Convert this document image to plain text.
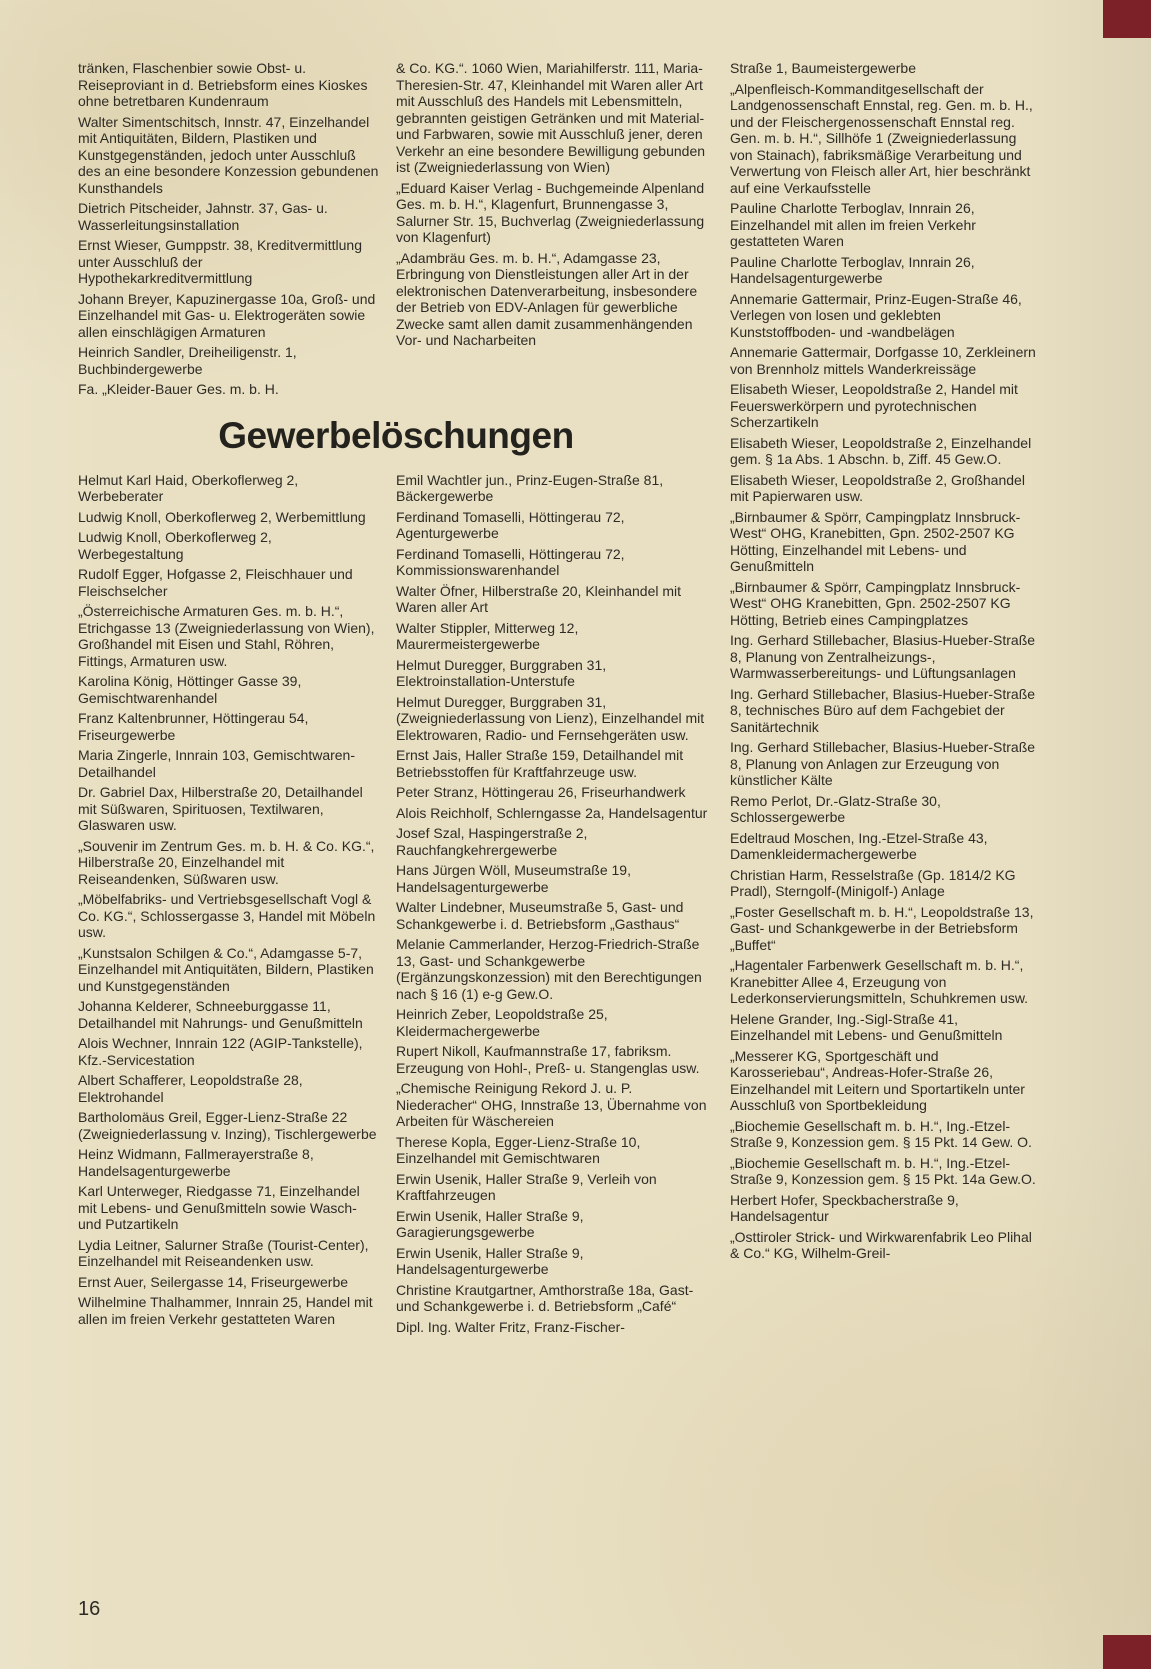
tränken, Flaschenbier sowie Obst- u. Reiseproviant in d. Betriebsform eines Kioskes ohne betretbaren Kundenraum

Walter Simentschitsch, Innstr. 47, Einzelhandel mit Antiquitäten, Bildern, Plastiken und Kunstgegenständen, jedoch unter Ausschluß des an eine besondere Konzession gebundenen Kunsthandels

Dietrich Pitscheider, Jahnstr. 37, Gas- u. Wasserleitungsinstallation

Ernst Wieser, Gumppstr. 38, Kreditvermittlung unter Ausschluß der Hypothekarkreditvermittlung

Johann Breyer, Kapuzinergasse 10a, Groß- und Einzelhandel mit Gas- u. Elektrogeräten sowie allen einschlägigen Armaturen

Heinrich Sandler, Dreiheiligenstr. 1, Buchbindergewerbe

Fa. „Kleider-Bauer Ges. m. b. H.

& Co. KG.“. 1060 Wien, Mariahilferstr. 111, Maria-Theresien-Str. 47, Kleinhandel mit Waren aller Art mit Ausschluß des Handels mit Lebensmitteln, gebrannten geistigen Getränken und mit Material- und Farbwaren, sowie mit Ausschluß jener, deren Verkehr an eine besondere Bewilligung gebunden ist (Zweigniederlassung von Wien)

„Eduard Kaiser Verlag - Buchgemeinde Alpenland Ges. m. b. H.“, Klagenfurt, Brunnengasse 3, Salurner Str. 15, Buchverlag (Zweigniederlassung von Klagenfurt)

„Adambräu Ges. m. b. H.“, Adamgasse 23, Erbringung von Dienstleistungen aller Art in der elektronischen Datenverarbeitung, insbesondere der Betrieb von EDV-Anlagen für gewerbliche Zwecke samt allen damit zusammenhängenden Vor- und Nacharbeiten

Gewerbelöschungen

Helmut Karl Haid, Oberkoflerweg 2, Werbeberater

Ludwig Knoll, Oberkoflerweg 2, Werbemittlung

Ludwig Knoll, Oberkoflerweg 2, Werbegestaltung

Rudolf Egger, Hofgasse 2, Fleischhauer und Fleischselcher

„Österreichische Armaturen Ges. m. b. H.“, Etrichgasse 13 (Zweigniederlassung von Wien), Großhandel mit Eisen und Stahl, Röhren, Fittings, Armaturen usw.

Karolina König, Höttinger Gasse 39, Gemischtwarenhandel

Franz Kaltenbrunner, Höttingerau 54, Friseurgewerbe

Maria Zingerle, Innrain 103, Gemischtwaren-Detailhandel

Dr. Gabriel Dax, Hilberstraße 20, Detailhandel mit Süßwaren, Spirituosen, Textilwaren, Glaswaren usw.

„Souvenir im Zentrum Ges. m. b. H. & Co. KG.“, Hilberstraße 20, Einzelhandel mit Reiseandenken, Süßwaren usw.

„Möbelfabriks- und Vertriebsgesellschaft Vogl & Co. KG.“, Schlossergasse 3, Handel mit Möbeln usw.

„Kunstsalon Schilgen & Co.“, Adamgasse 5-7, Einzelhandel mit Antiquitäten, Bildern, Plastiken und Kunstgegenständen

Johanna Kelderer, Schneeburggasse 11, Detailhandel mit Nahrungs- und Genußmitteln

Alois Wechner, Innrain 122 (AGIP-Tankstelle), Kfz.-Servicestation

Albert Schafferer, Leopoldstraße 28, Elektrohandel

Bartholomäus Greil, Egger-Lienz-Straße 22 (Zweigniederlassung v. Inzing), Tischlergewerbe

Heinz Widmann, Fallmerayerstraße 8, Handelsagenturgewerbe

Karl Unterweger, Riedgasse 71, Einzelhandel mit Lebens- und Genußmitteln sowie Wasch- und Putzartikeln

Lydia Leitner, Salurner Straße (Tourist-Center), Einzelhandel mit Reiseandenken usw.

Ernst Auer, Seilergasse 14, Friseurgewerbe

Wilhelmine Thalhammer, Innrain 25, Handel mit allen im freien Verkehr gestatteten Waren

Emil Wachtler jun., Prinz-Eugen-Straße 81, Bäckergewerbe

Ferdinand Tomaselli, Höttingerau 72, Agenturgewerbe

Ferdinand Tomaselli, Höttingerau 72, Kommissionswarenhandel

Walter Öfner, Hilberstraße 20, Kleinhandel mit Waren aller Art

Walter Stippler, Mitterweg 12, Maurermeistergewerbe

Helmut Duregger, Burggraben 31, Elektroinstallation-Unterstufe

Helmut Duregger, Burggraben 31, (Zweigniederlassung von Lienz), Einzelhandel mit Elektrowaren, Radio- und Fernsehgeräten usw.

Ernst Jais, Haller Straße 159, Detailhandel mit Betriebsstoffen für Kraftfahrzeuge usw.

Peter Stranz, Höttingerau 26, Friseurhandwerk

Alois Reichholf, Schlerngasse 2a, Handelsagentur

Josef Szal, Haspingerstraße 2, Rauchfangkehrergewerbe

Hans Jürgen Wöll, Museumstraße 19, Handelsagenturgewerbe

Walter Lindebner, Museumstraße 5, Gast- und Schankgewerbe i. d. Betriebsform „Gasthaus“

Melanie Cammerlander, Herzog-Friedrich-Straße 13, Gast- und Schankgewerbe (Ergänzungskonzession) mit den Berechtigungen nach § 16 (1) e-g Gew.O.

Heinrich Zeber, Leopoldstraße 25, Kleidermachergewerbe

Rupert Nikoll, Kaufmannstraße 17, fabriksm. Erzeugung von Hohl-, Preß- u. Stangenglas usw.

„Chemische Reinigung Rekord J. u. P. Niederacher“ OHG, Innstraße 13, Übernahme von Arbeiten für Wäschereien

Therese Kopla, Egger-Lienz-Straße 10, Einzelhandel mit Gemischtwaren

Erwin Usenik, Haller Straße 9, Verleih von Kraftfahrzeugen

Erwin Usenik, Haller Straße 9, Garagierungsgewerbe

Erwin Usenik, Haller Straße 9, Handelsagenturgewerbe

Christine Krautgartner, Amthorstraße 18a, Gast- und Schankgewerbe i. d. Betriebsform „Café“

Dipl. Ing. Walter Fritz, Franz-Fischer-

Straße 1, Baumeistergewerbe

„Alpenfleisch-Kommanditgesellschaft der Landgenossenschaft Ennstal, reg. Gen. m. b. H., und der Fleischergenossenschaft Ennstal reg. Gen. m. b. H.“, Sillhöfe 1 (Zweigniederlassung von Stainach), fabriksmäßige Verarbeitung und Verwertung von Fleisch aller Art, hier beschränkt auf eine Verkaufsstelle

Pauline Charlotte Terboglav, Innrain 26, Einzelhandel mit allen im freien Verkehr gestatteten Waren

Pauline Charlotte Terboglav, Innrain 26, Handelsagenturgewerbe

Annemarie Gattermair, Prinz-Eugen-Straße 46, Verlegen von losen und geklebten Kunststoffboden- und -wandbelägen

Annemarie Gattermair, Dorfgasse 10, Zerkleinern von Brennholz mittels Wanderkreissäge

Elisabeth Wieser, Leopoldstraße 2, Handel mit Feuerswerkörpern und pyrotechnischen Scherzartikeln

Elisabeth Wieser, Leopoldstraße 2, Einzelhandel gem. § 1a Abs. 1 Abschn. b, Ziff. 45 Gew.O.

Elisabeth Wieser, Leopoldstraße 2, Großhandel mit Papierwaren usw.

„Birnbaumer & Spörr, Campingplatz Innsbruck-West“ OHG, Kranebitten, Gpn. 2502-2507 KG Hötting, Einzelhandel mit Lebens- und Genußmitteln

„Birnbaumer & Spörr, Campingplatz Innsbruck-West“ OHG Kranebitten, Gpn. 2502-2507 KG Hötting, Betrieb eines Campingplatzes

Ing. Gerhard Stillebacher, Blasius-Hueber-Straße 8, Planung von Zentralheizungs-, Warmwasserbereitungs- und Lüftungsanlagen

Ing. Gerhard Stillebacher, Blasius-Hueber-Straße 8, technisches Büro auf dem Fachgebiet der Sanitärtechnik

Ing. Gerhard Stillebacher, Blasius-Hueber-Straße 8, Planung von Anlagen zur Erzeugung von künstlicher Kälte

Remo Perlot, Dr.-Glatz-Straße 30, Schlossergewerbe

Edeltraud Moschen, Ing.-Etzel-Straße 43, Damenkleidermachergewerbe

Christian Harm, Resselstraße (Gp. 1814/2 KG Pradl), Sterngolf-(Minigolf-) Anlage

„Foster Gesellschaft m. b. H.“, Leopoldstraße 13, Gast- und Schankgewerbe in der Betriebsform „Buffet“

„Hagentaler Farbenwerk Gesellschaft m. b. H.“, Kranebitter Allee 4, Erzeugung von Lederkonservierungsmitteln, Schuhkremen usw.

Helene Grander, Ing.-Sigl-Straße 41, Einzelhandel mit Lebens- und Genußmitteln

„Messerer KG, Sportgeschäft und Karosseriebau“, Andreas-Hofer-Straße 26, Einzelhandel mit Leitern und Sportartikeln unter Ausschluß von Sportbekleidung

„Biochemie Gesellschaft m. b. H.“, Ing.-Etzel-Straße 9, Konzession gem. § 15 Pkt. 14 Gew. O.

„Biochemie Gesellschaft m. b. H.“, Ing.-Etzel-Straße 9, Konzession gem. § 15 Pkt. 14a Gew.O.

Herbert Hofer, Speckbacherstraße 9, Handelsagentur

„Osttiroler Strick- und Wirkwarenfabrik Leo Plihal & Co.“ KG, Wilhelm-Greil-

16
